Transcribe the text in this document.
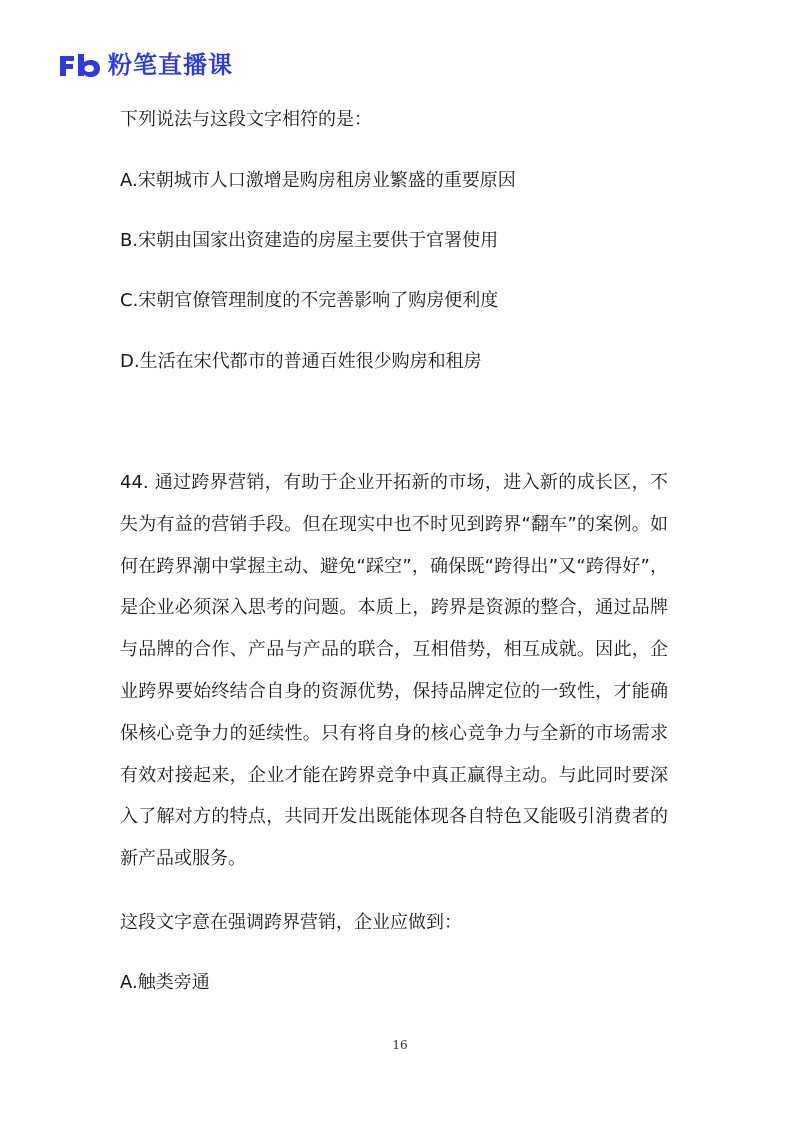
粉笔直播课
下列说法与这段文字相符的是：
A.宋朝城市人口激增是购房租房业繁盛的重要原因
B.宋朝由国家出资建造的房屋主要供于官署使用
C.宋朝官僚管理制度的不完善影响了购房便利度
D.生活在宋代都市的普通百姓很少购房和租房
44. 通过跨界营销，有助于企业开拓新的市场，进入新的成长区，不失为有益的营销手段。但在现实中也不时见到跨界“翻车”的案例。如何在跨界潮中掌握主动、避免“踩空”，确保既“跨得出”又“跨得好”，是企业必须深入思考的问题。本质上，跨界是资源的整合，通过品牌与品牌的合作、产品与产品的联合，互相借势，相互成就。因此，企业跨界要始终结合自身的资源优势，保持品牌定位的一致性，才能确保核心竞争力的延续性。只有将自身的核心竞争力与全新的市场需求有效对接起来，企业才能在跨界竞争中真正赢得主动。与此同时要深入了解对方的特点，共同开发出既能体现各自特色又能吸引消费者的新产品或服务。
这段文字意在强调跨界营销，企业应做到：
A.触类旁通
16
